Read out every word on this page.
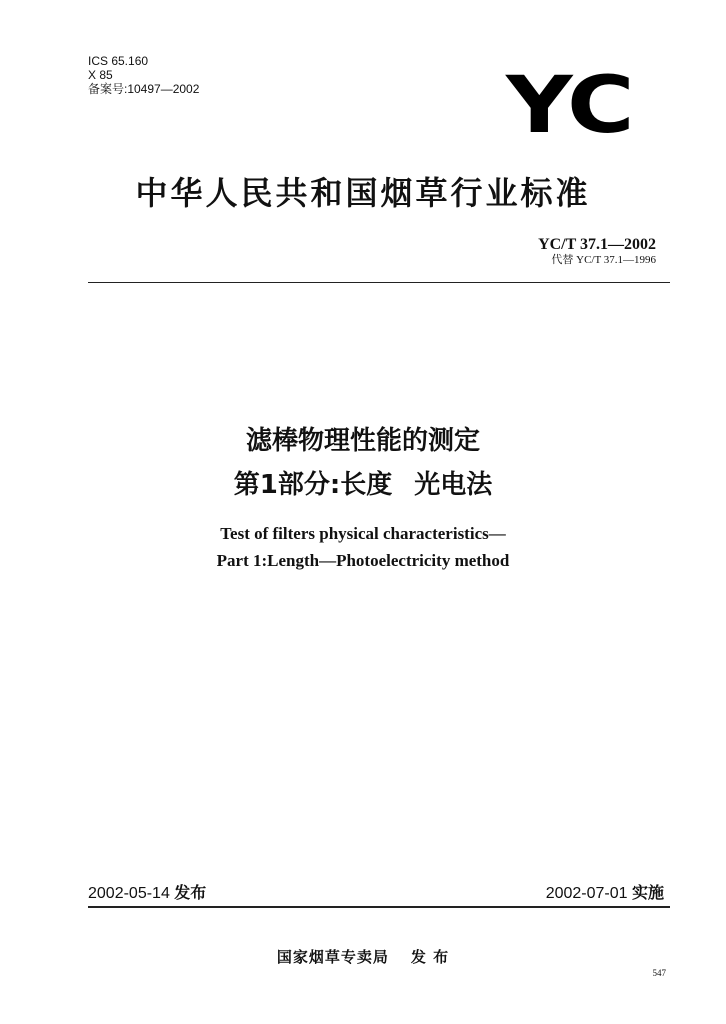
ICS 65.160
X 85
备案号:10497—2002	YC
中华人民共和国烟草行业标准
YC/T 37.1—2002
代替 YC/T 37.1—1996
滤棒物理性能的测定
第1部分:长度 光电法
Test of filters physical characteristics—
Part 1:Length—Photoelectricity method
2002-05-14 发布	2002-07-01 实施
国家烟草专卖局 发 布
547
